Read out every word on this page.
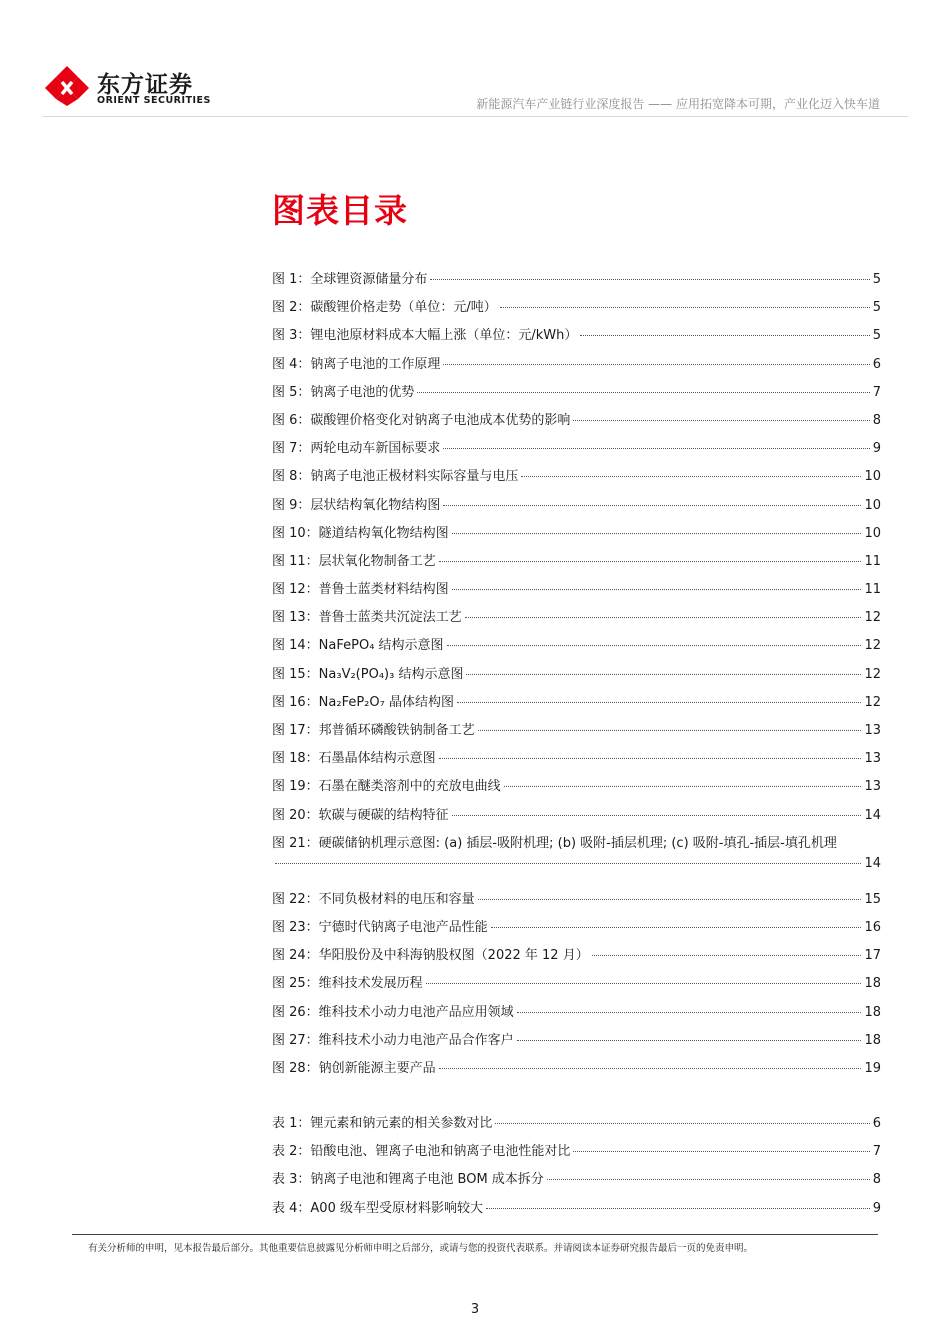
东方证券
ORIENT SECURITIES	新能源汽车产业链行业深度报告 —— 应用拓宽降本可期，产业化迈入快车道
图表目录
图 1：全球锂资源储量分布	5
图 2：碳酸锂价格走势（单位：元/吨）	5
图 3：锂电池原材料成本大幅上涨（单位：元/kWh）	5
图 4：钠离子电池的工作原理	6
图 5：钠离子电池的优势	7
图 6：碳酸锂价格变化对钠离子电池成本优势的影响	8
图 7：两轮电动车新国标要求	9
图 8：钠离子电池正极材料实际容量与电压	10
图 9：层状结构氧化物结构图	10
图 10：隧道结构氧化物结构图	10
图 11：层状氧化物制备工艺	11
图 12：普鲁士蓝类材料结构图	11
图 13：普鲁士蓝类共沉淀法工艺	12
图 14：NaFePO₄ 结构示意图	12
图 15：Na₃V₂(PO₄)₃ 结构示意图	12
图 16：Na₂FeP₂O₇ 晶体结构图	12
图 17：邦普循环磷酸铁钠制备工艺	13
图 18：石墨晶体结构示意图	13
图 19：石墨在醚类溶剂中的充放电曲线	13
图 20：软碳与硬碳的结构特征	14
图 21：硬碳储钠机理示意图: (a) 插层-吸附机理; (b) 吸附-插层机理; (c) 吸附-填孔-插层-填孔机理
14
图 22：不同负极材料的电压和容量	15
图 23：宁德时代钠离子电池产品性能	16
图 24：华阳股份及中科海钠股权图（2022 年 12 月）	17
图 25：维科技术发展历程	18
图 26：维科技术小动力电池产品应用领域	18
图 27：维科技术小动力电池产品合作客户	18
图 28：钠创新能源主要产品	19
表 1：锂元素和钠元素的相关参数对比	6
表 2：铅酸电池、锂离子电池和钠离子电池性能对比	7
表 3：钠离子电池和锂离子电池 BOM 成本拆分	8
表 4：A00 级车型受原材料影响较大	9
有关分析师的申明，见本报告最后部分。其他重要信息披露见分析师申明之后部分，或请与您的投资代表联系。并请阅读本证券研究报告最后一页的免责申明。
3
